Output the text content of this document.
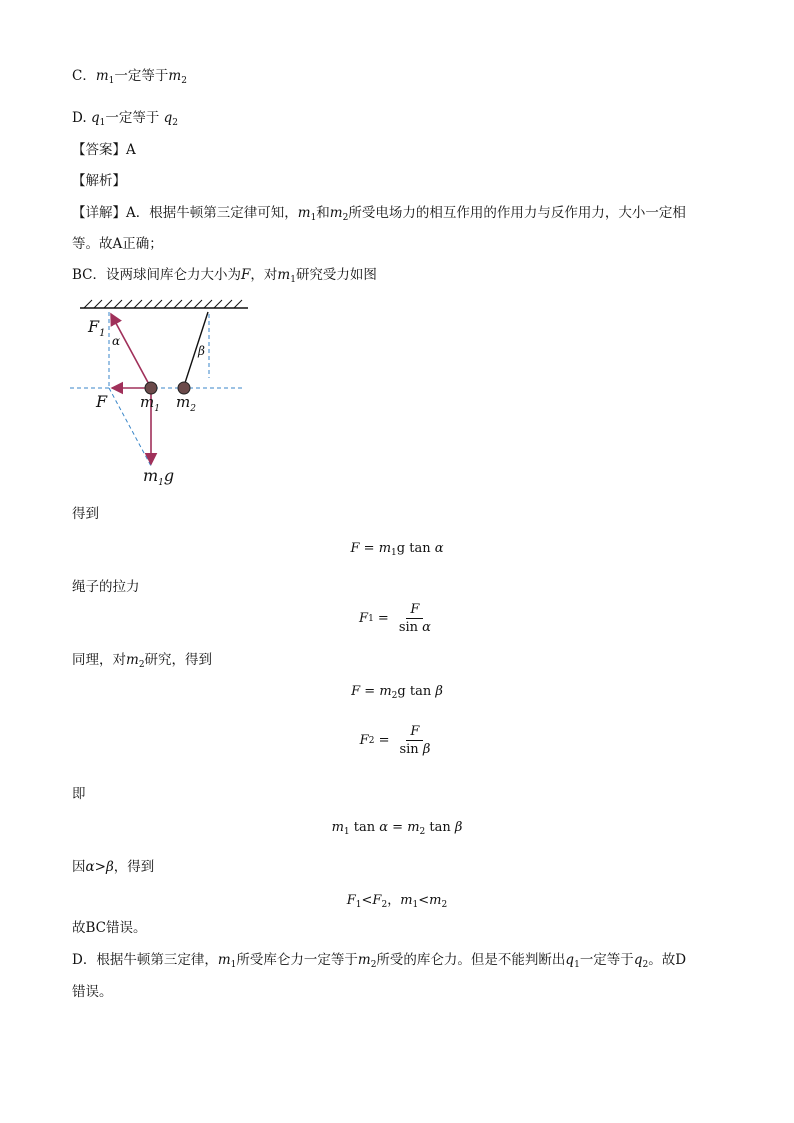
C．$m_1$一定等于$m_2$
D. $q_1$一定等于 $q_2$
【答案】A
【解析】
【详解】A．根据牛顿第三定律可知，$m_1$和$m_2$所受电场力的相互作用的作用力与反作用力，大小一定相
等。故A正确；
BC．设两球间库仑力大小为F，对$m_1$研究受力如图
$F_1$
α
β
F $m_1$ $m_2$
$m_1g$
得到
$F = m_1g$ tan α
绳子的拉力
F $1 = \frac{F}{\text{sin α}}$
同理，对$m_2$研究，得到
$F = m_2g$ tan β
F $2 = \frac{F}{\text{sin β}}$
即
$m_1$ $\tan \alpha = m_2$ tan β
因α>β，得到
$F_1<F_2$，$m_1<m_2$
故BC错误。
D．根据牛顿第三定律，$m_1$所受库仑力一定等于$m_2$所受的库仑力。但是不能判断出$q_1$一定等于$q_2$。故D
错误。
